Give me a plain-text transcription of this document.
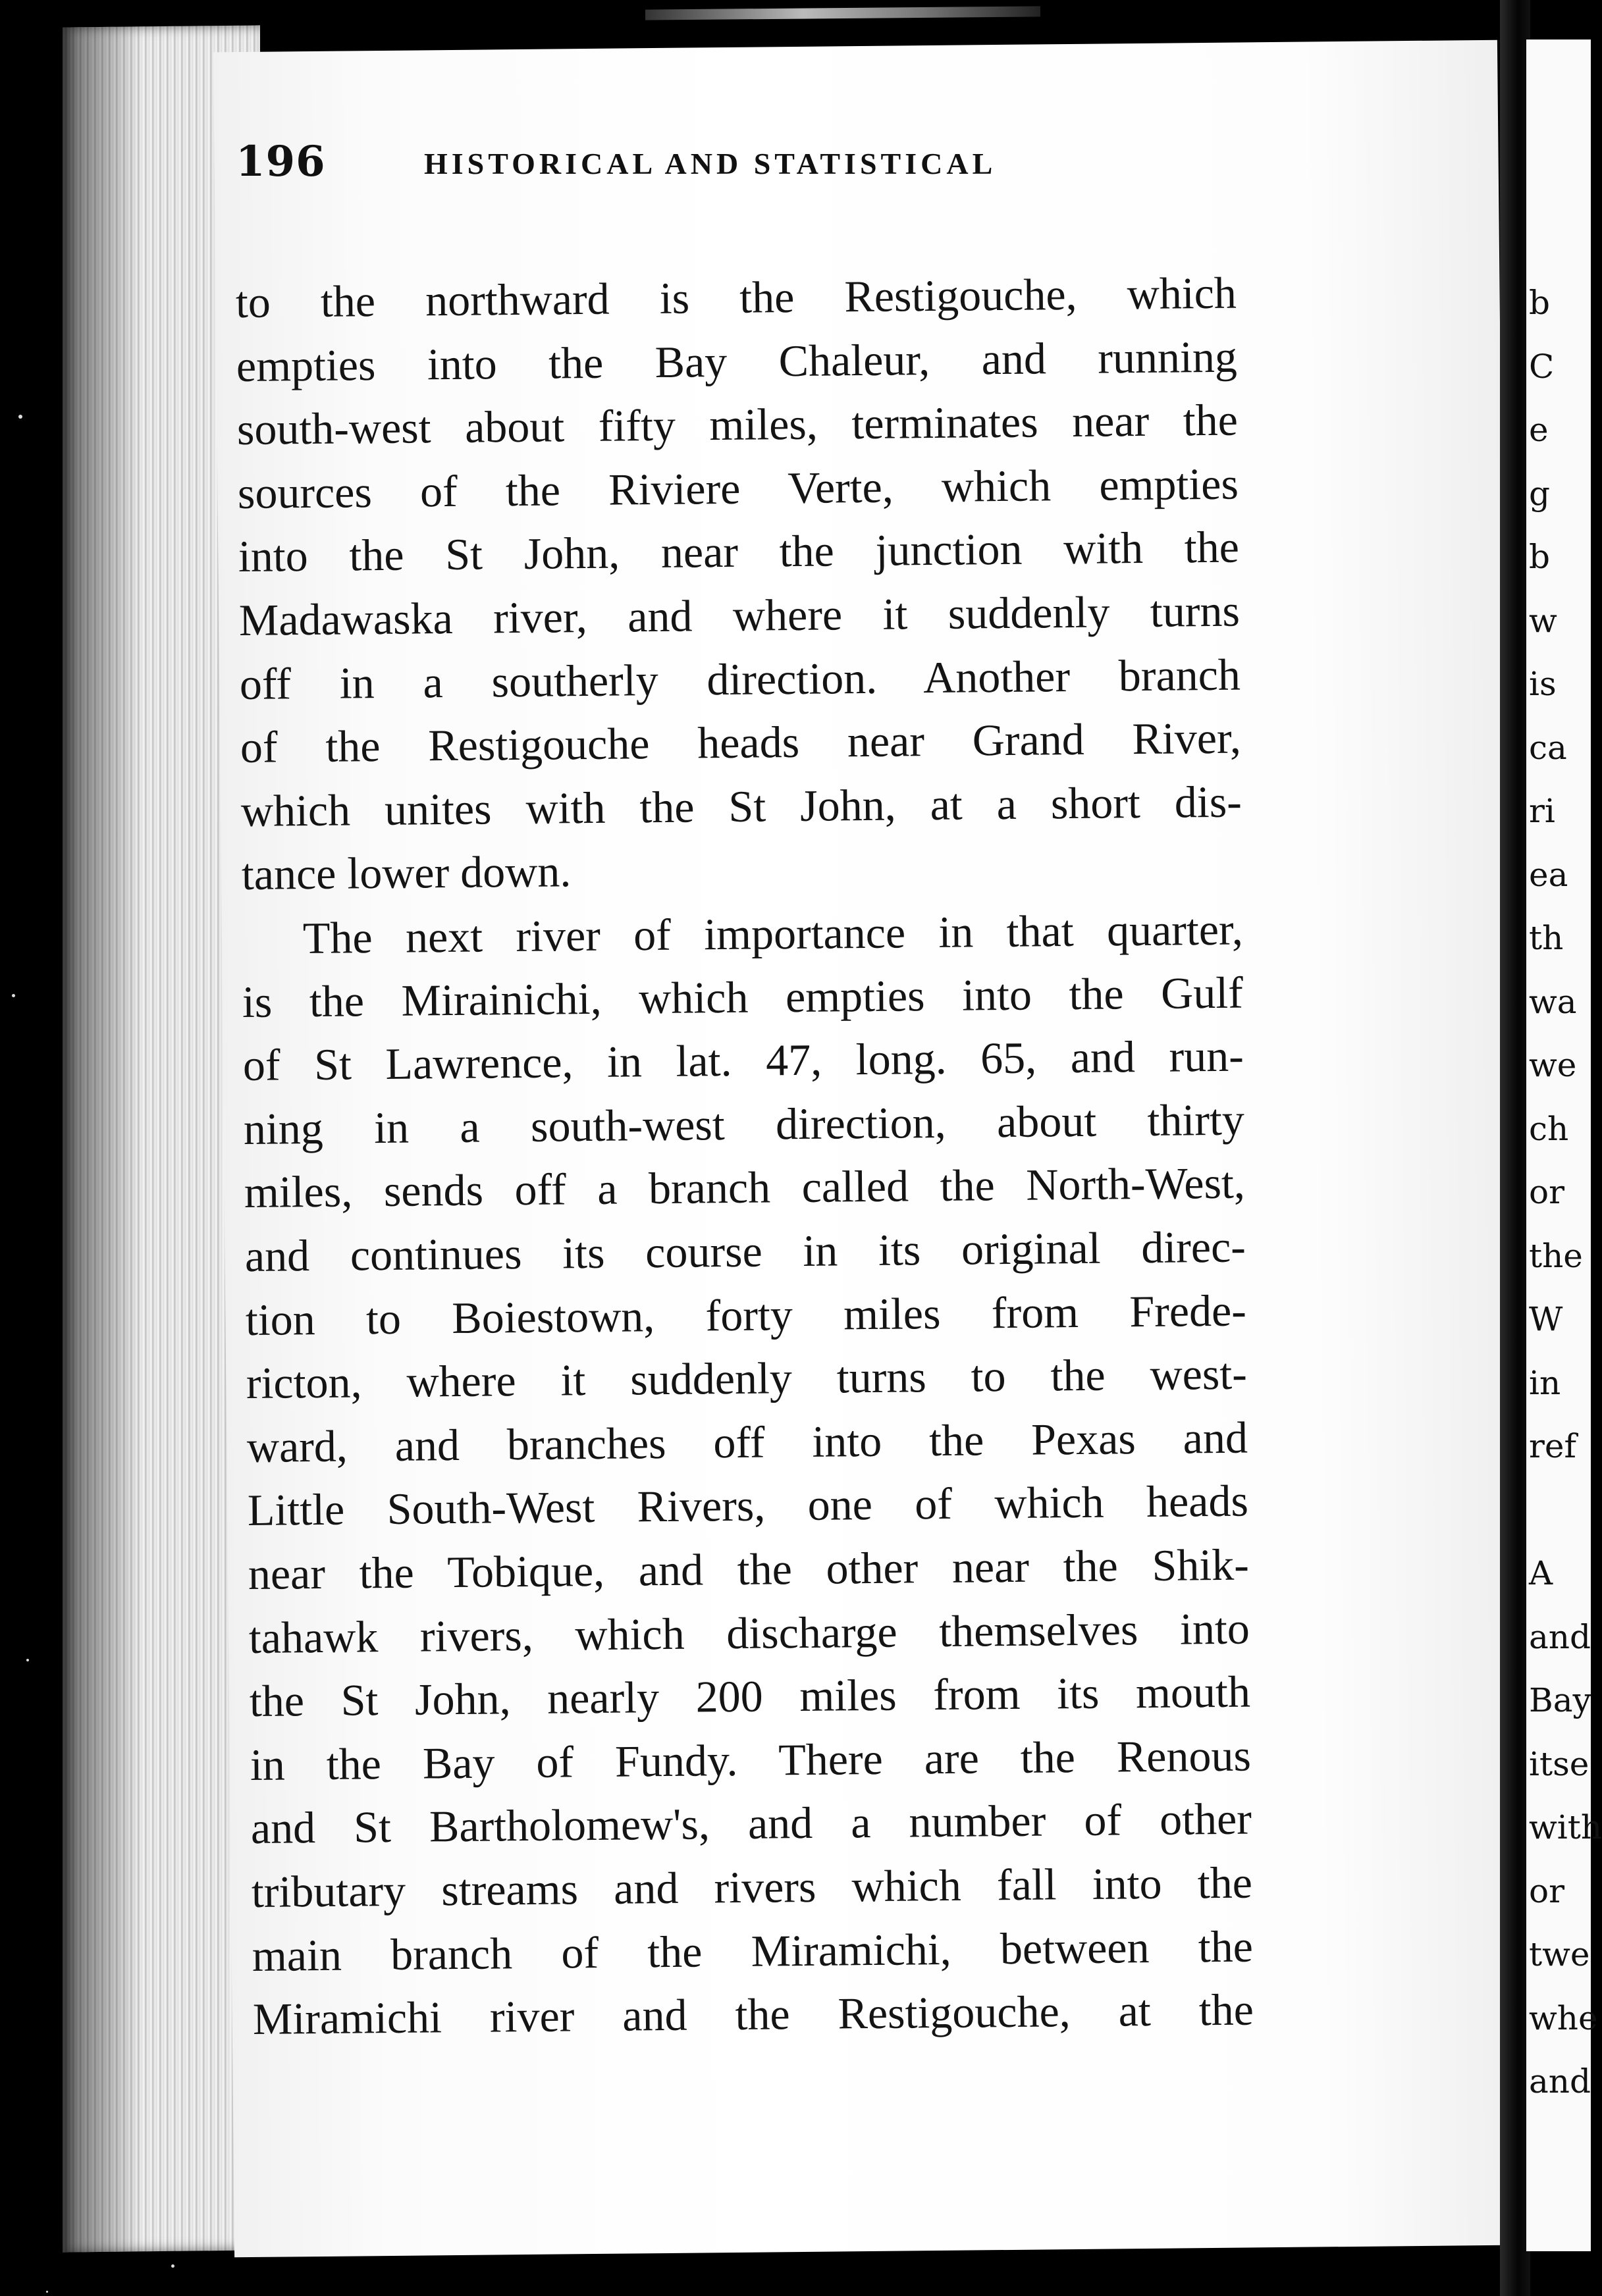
196	HISTORICAL AND STATISTICAL
to the northward is the Restigouche, which
empties into the Bay Chaleur, and running
south-west about fifty miles, terminates near the
sources of the Riviere Verte, which empties
into the St John, near the junction with the
Madawaska river, and where it suddenly turns
off in a southerly direction. Another branch
of the Restigouche heads near Grand River,
which unites with the St John, at a short dis-
tance lower down.
The next river of importance in that quarter,
is the Mirainichi, which empties into the Gulf
of St Lawrence, in lat. 47, long. 65, and run-
ning in a south-west direction, about thirty
miles, sends off a branch called the North-West,
and continues its course in its original direc-
tion to Boiestown, forty miles from Frede-
ricton, where it suddenly turns to the west-
ward, and branches off into the Pexas and
Little South-West Rivers, one of which heads
near the Tobique, and the other near the Shik-
tahawk rivers, which discharge themselves into
the St John, nearly 200 miles from its mouth
in the Bay of Fundy. There are the Renous
and St Bartholomew's, and a number of other
tributary streams and rivers which fall into the
main branch of the Miramichi, between the
Miramichi river and the Restigouche, at the
b
C
e
g
b
w
is
ca
ri
ea
th
wa
we
ch
or
the
W
in
ref
A
and
Bay
itse
with
or
twe
whe
and
